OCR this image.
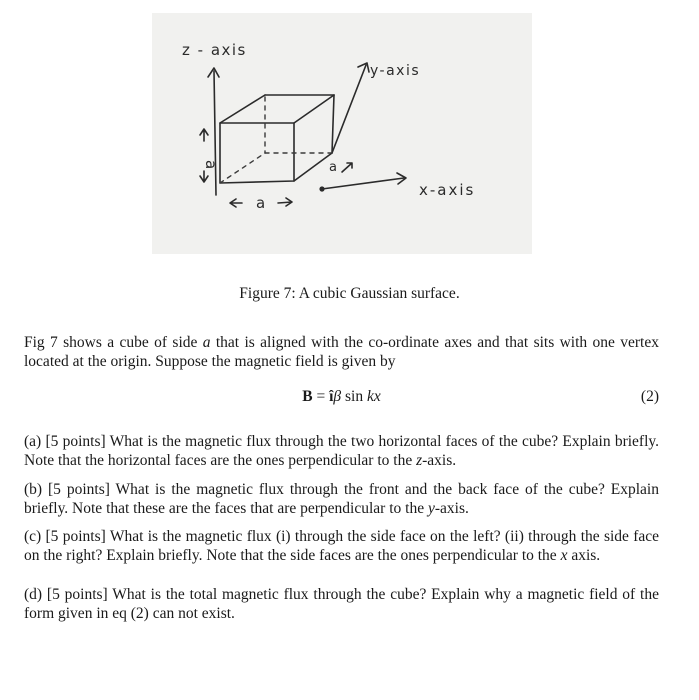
z - axis
y-axis
x-axis
a
a
a
Figure 7: A cubic Gaussian surface.
Fig 7 shows a cube of side a that is aligned with the co-ordinate axes and that sits with one vertex located at the origin. Suppose the magnetic field is given by
B = îβ sin kx	(2)
(a) [5 points] What is the magnetic flux through the two horizontal faces of the cube? Explain briefly. Note that the horizontal faces are the ones perpendicular to the z-axis.
(b) [5 points] What is the magnetic flux through the front and the back face of the cube? Explain briefly. Note that these are the faces that are perpendicular to the y-axis.
(c) [5 points] What is the magnetic flux (i) through the side face on the left? (ii) through the side face on the right? Explain briefly. Note that the side faces are the ones perpendicular to the x axis.
(d) [5 points] What is the total magnetic flux through the cube? Explain why a magnetic field of the form given in eq (2) can not exist.
